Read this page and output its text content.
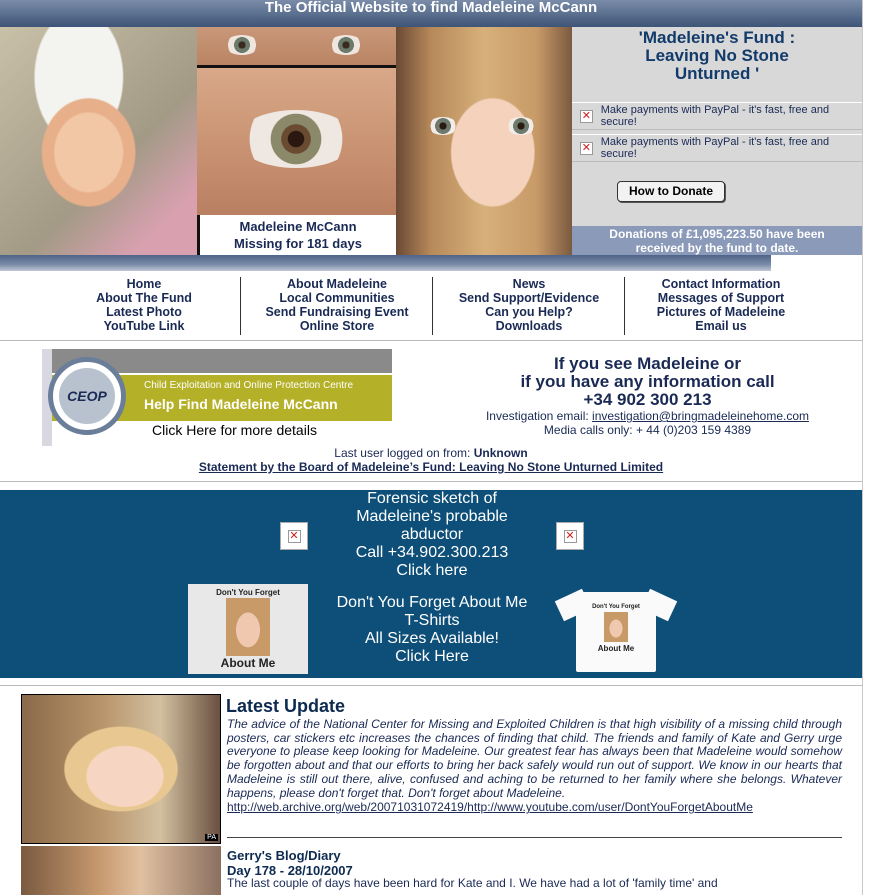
The Official Website to find Madeleine McCann
Madeleine McCann
Missing for 181 days
'Madeleine's Fund :
Leaving No Stone
Unturned '
✕ Make payments with PayPal - it's fast, free and secure!
✕ Make payments with PayPal - it's fast, free and secure!
How to Donate
Donations of £1,095,223.50 have been
received by the fund to date.
Home
About The Fund
Latest Photo
YouTube Link
About Madeleine
Local Communities
Send Fundraising Event
Online Store
News
Send Support/Evidence
Can you Help?
Downloads
Contact Information
Messages of Support
Pictures of Madeleine
Email us
Child Exploitation and Online Protection Centre
Help Find Madeleine McCann
CEOP
Click Here for more details
If you see Madeleine or
if you have any information call
+34 902 300 213
Investigation email: investigation@bringmadeleinehome.com
Media calls only: + 44 (0)203 159 4389
Last user logged on from: Unknown
Statement by the Board of Madeleine’s Fund: Leaving No Stone Unturned Limited
✕
Forensic sketch of
Madeleine's probable
abductor
Call +34.902.300.213
Click here
✕
Don't You Forget
About Me
Don't You Forget About Me
T-Shirts
All Sizes Available!
Click Here
Don't You Forget
About Me
PA
Latest Update
The advice of the National Center for Missing and Exploited Children is that high visibility of a missing child through posters, car stickers etc increases the chances of finding that child. The friends and family of Kate and Gerry urge everyone to please keep looking for Madeleine. Our greatest fear has always been that Madeleine would somehow be forgotten about and that our efforts to bring her back safely would run out of support. We know in our hearts that Madeleine is still out there, alive, confused and aching to be returned to her family where she belongs. Whatever happens, please don't forget that. Don't forget about Madeleine.
http://web.archive.org/web/20071031072419/http://www.youtube.com/user/DontYouForgetAboutMe
Gerry's Blog/Diary
Day 178 - 28/10/2007
The last couple of days have been hard for Kate and I. We have had a lot of 'family time' and
